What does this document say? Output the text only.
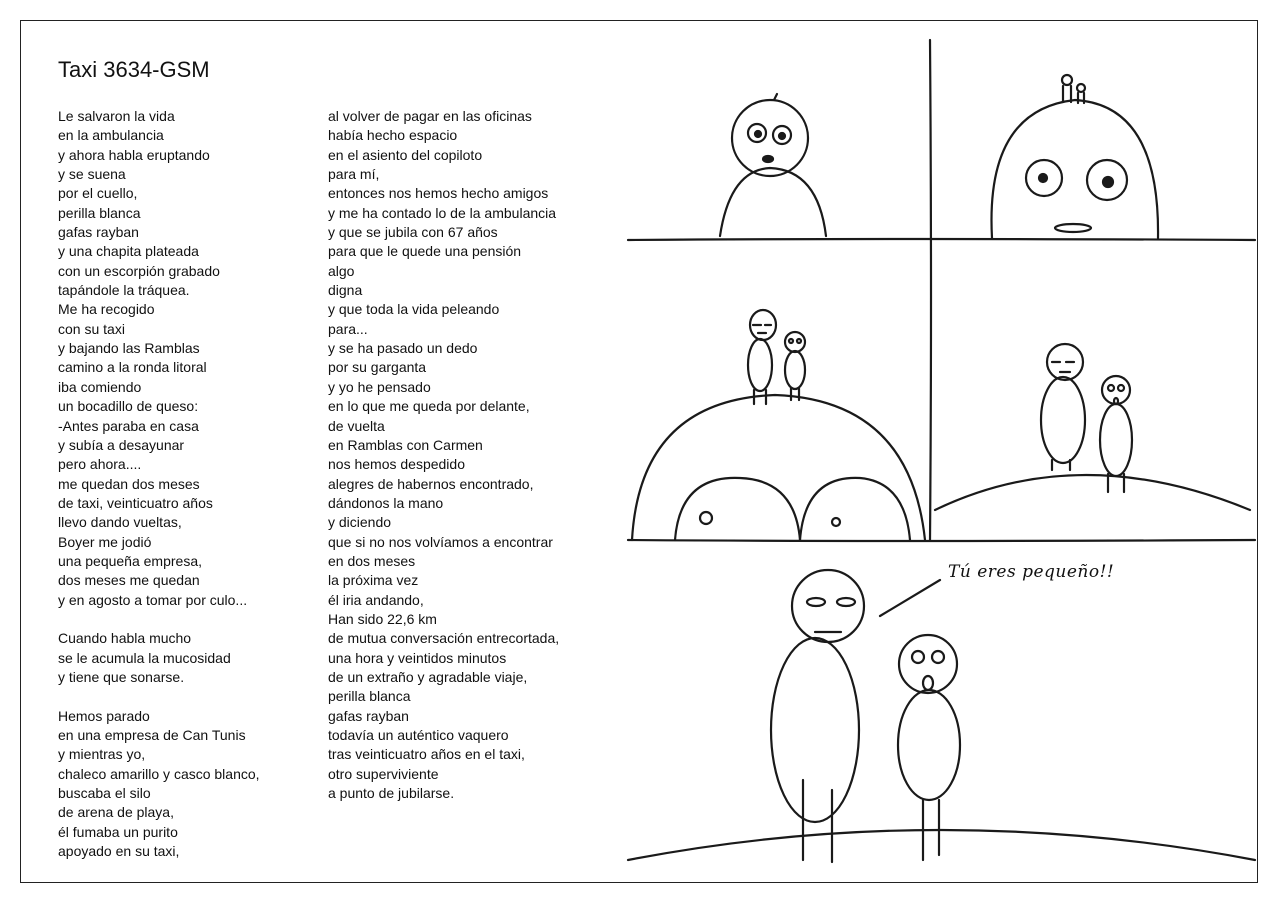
Taxi 3634-GSM
Le salvaron la vida
en la ambulancia
y ahora habla eruptando
y se suena
por el cuello,
perilla blanca
gafas rayban
y una chapita plateada
con un escorpión grabado
tapándole la tráquea.
Me ha recogido
con su taxi
y bajando las Ramblas
camino a la ronda litoral
iba comiendo
un bocadillo de queso:
-Antes paraba en casa
y subía a desayunar
pero ahora....
me quedan dos meses
de taxi, veinticuatro años
llevo dando vueltas,
Boyer me jodió
una pequeña empresa,
dos meses me quedan
y en agosto a tomar por culo...
Cuando habla mucho
se le acumula la mucosidad
y tiene que sonarse.
Hemos parado
en una empresa de Can Tunis
y mientras yo,
chaleco amarillo y casco blanco,
buscaba el silo
de arena de playa,
él fumaba un purito
apoyado en su taxi,
al volver de pagar en las oficinas
había hecho espacio
en el asiento del copiloto
para mí,
entonces nos hemos hecho amigos
y me ha contado lo de la ambulancia
y que se jubila con 67 años
para que le quede una pensión
algo
digna
y que toda la vida peleando
para...
y se ha pasado un dedo
por su garganta
y yo he pensado
en lo que me queda por delante,
de vuelta
en Ramblas con Carmen
nos hemos despedido
alegres de habernos encontrado,
dándonos la mano
y diciendo
que si no nos volvíamos a encontrar
en dos meses
la próxima vez
él iria andando,
Han sido 22,6 km
de mutua conversación entrecortada,
una hora y veintidos minutos
de un extraño y agradable viaje,
perilla blanca
gafas rayban
todavía un auténtico vaquero
tras veinticuatro años en el taxi,
otro superviviente
a punto de jubilarse.
Tú eres pequeño!!
